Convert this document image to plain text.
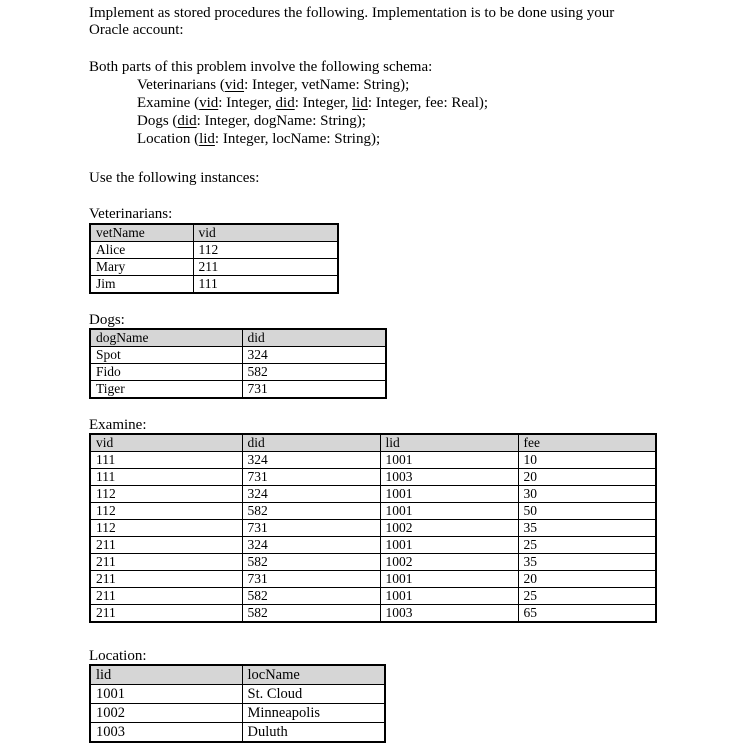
Implement as stored procedures the following. Implementation is to be done using your

Oracle account:

Both parts of this problem involve the following schema:

Veterinarians (vid: Integer, vetName: String);

Examine (vid: Integer, did: Integer, lid: Integer, fee: Real);

Dogs (did: Integer, dogName: String);

Location (lid: Integer, locName: String);

Use the following instances:

Veterinarians:

vetName	vid
Alice	112
Mary	211
Jim	111

Dogs:

dogName	did
Spot	324
Fido	582
Tiger	731

Examine:

vid	did	lid	fee
111	324	1001	10
111	731	1003	20
112	324	1001	30
112	582	1001	50
112	731	1002	35
211	324	1001	25
211	582	1002	35
211	731	1001	20
211	582	1001	25
211	582	1003	65

Location:

lid	locName
1001	St. Cloud
1002	Minneapolis
1003	Duluth
